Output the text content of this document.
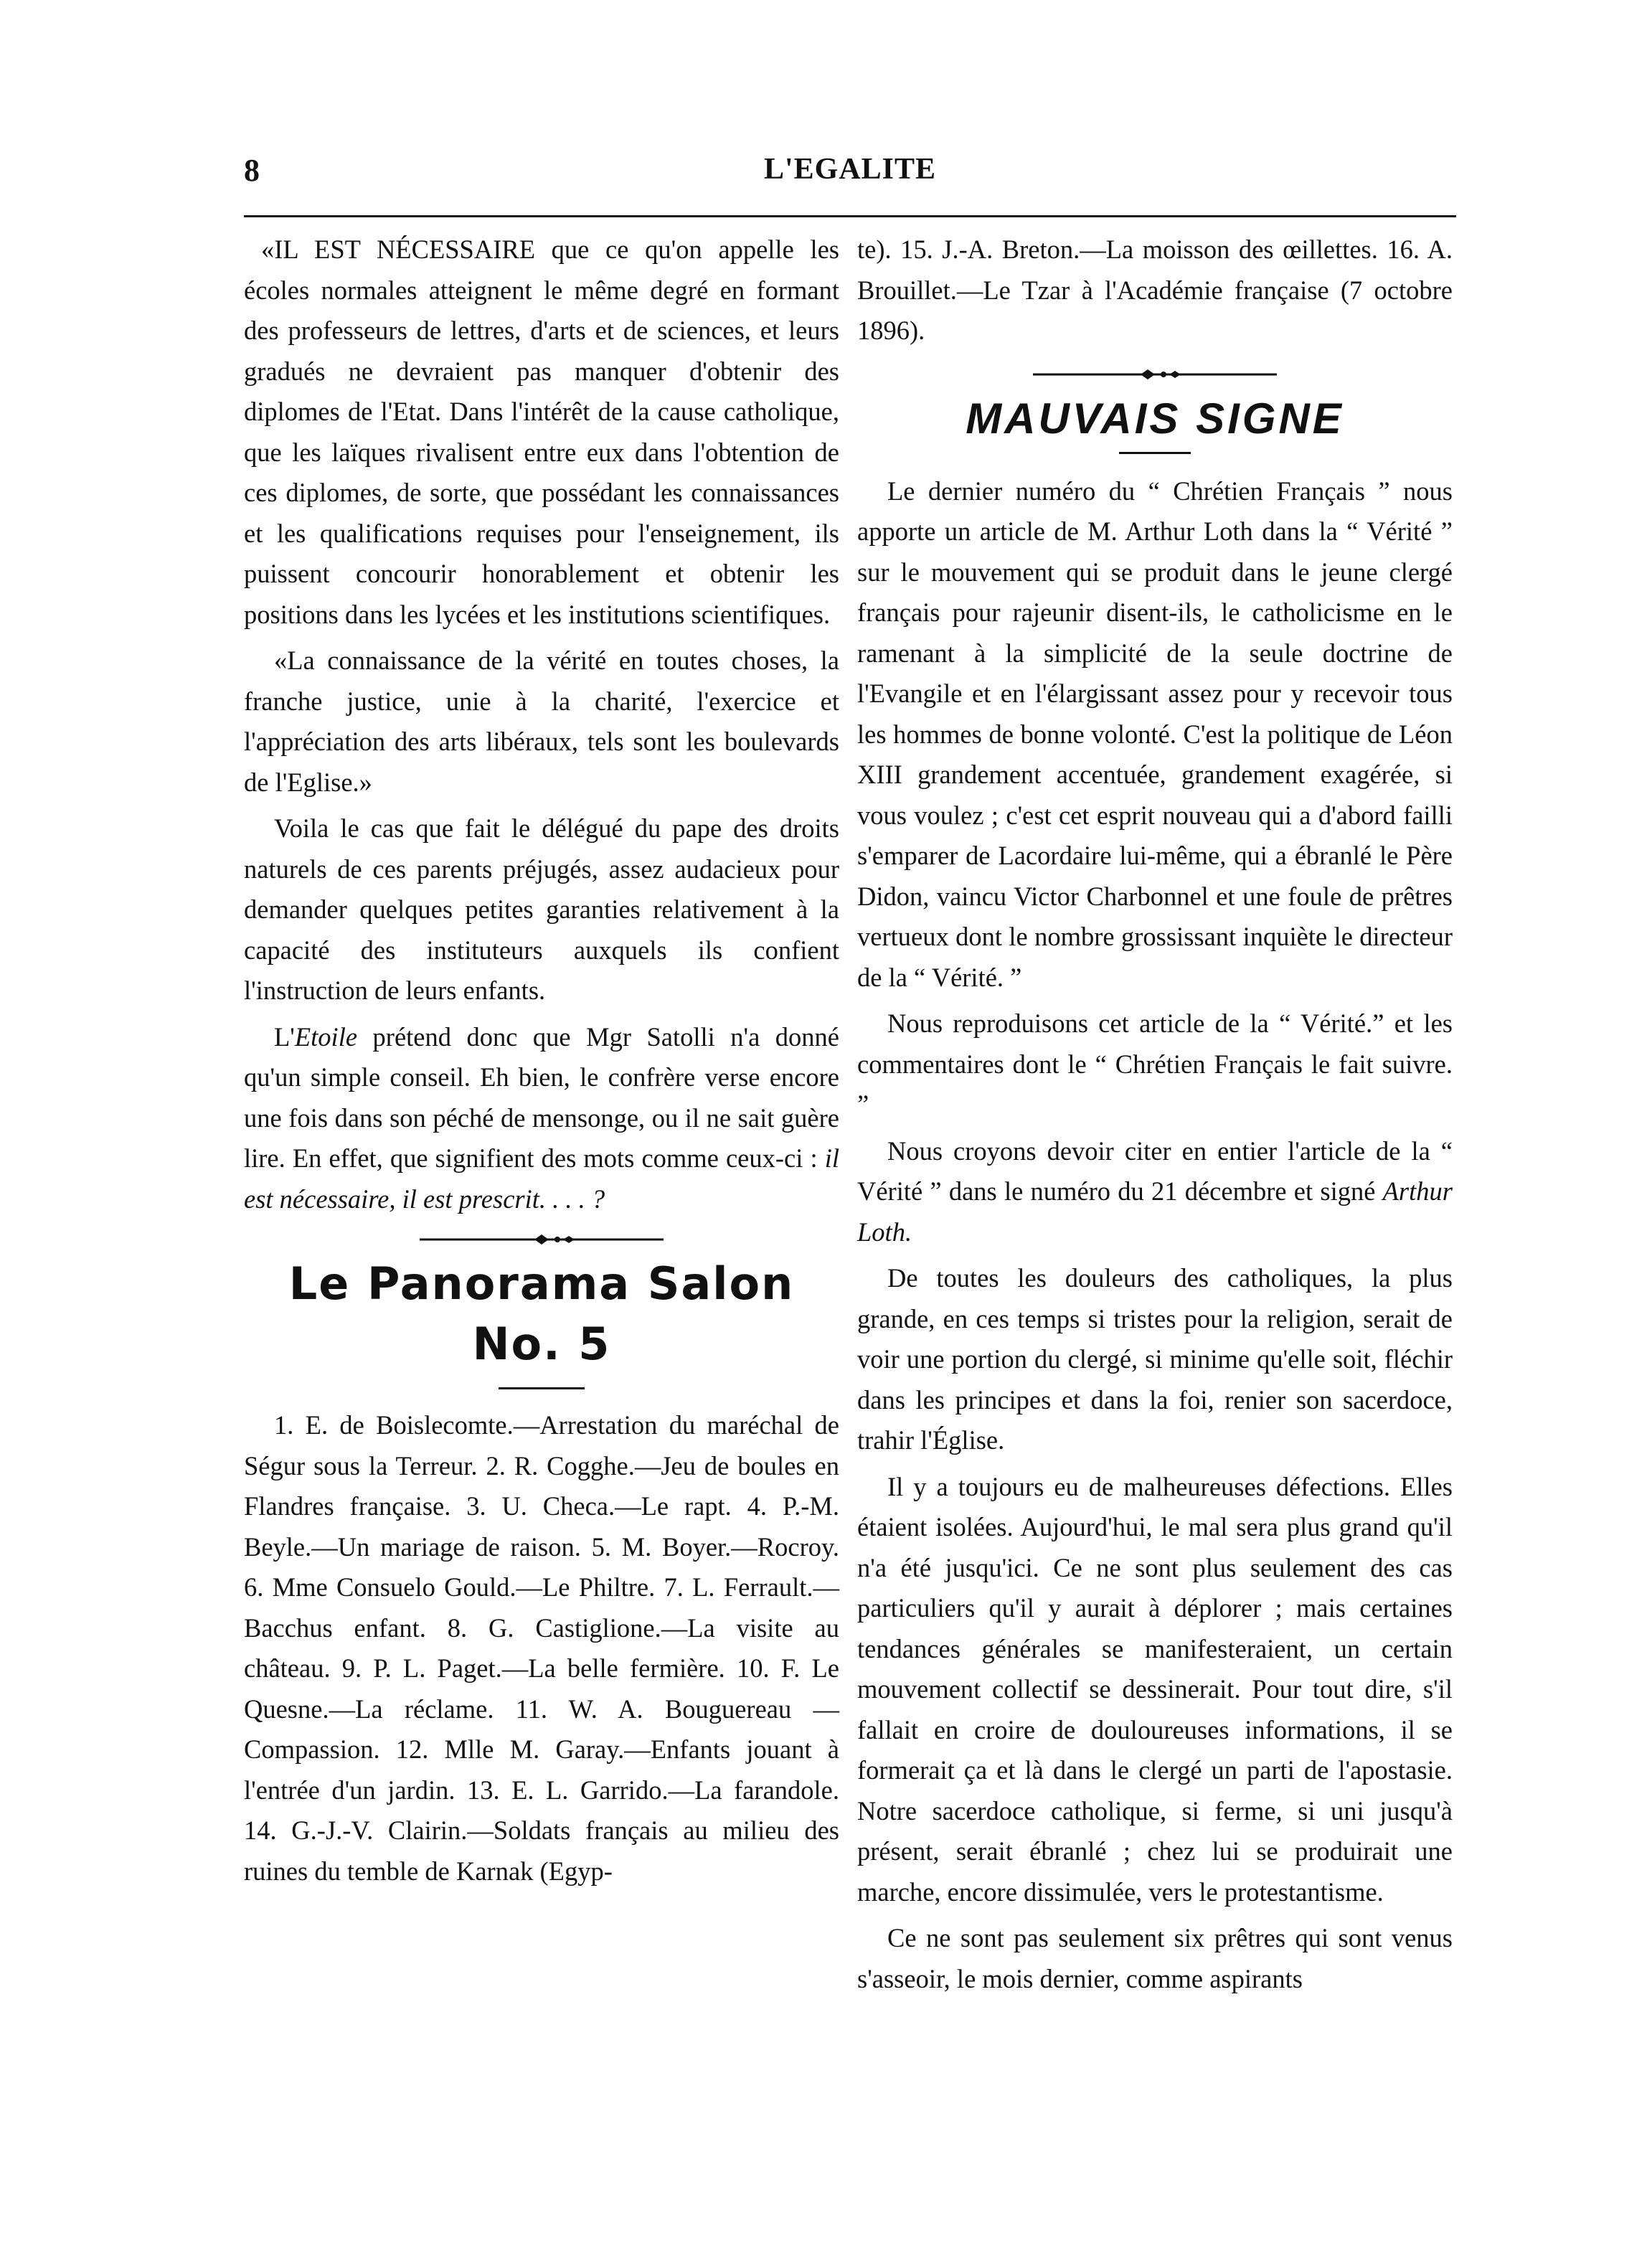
8	L'EGALITE

«IL EST NÉCESSAIRE que ce qu'on appelle les écoles normales atteignent le même degré en formant des professeurs de lettres, d'arts et de sciences, et leurs gradués ne devraient pas manquer d'obtenir des diplomes de l'Etat. Dans l'intérêt de la cause catholique, que les laïques rivalisent entre eux dans l'obtention de ces diplomes, de sorte, que possédant les connaissances et les qualifications requises pour l'enseignement, ils puissent concourir honorablement et obtenir les positions dans les lycées et les institutions scientifiques.

«La connaissance de la vérité en toutes choses, la franche justice, unie à la charité, l'exercice et l'appréciation des arts libéraux, tels sont les boulevards de l'Eglise.»

Voila le cas que fait le délégué du pape des droits naturels de ces parents préjugés, assez audacieux pour demander quelques petites garanties relativement à la capacité des instituteurs auxquels ils confient l'instruction de leurs enfants.

L'Etoile prétend donc que Mgr Satolli n'a donné qu'un simple conseil. Eh bien, le confrère verse encore une fois dans son péché de mensonge, ou il ne sait guère lire. En effet, que signifient des mots comme ceux-ci : il est nécessaire, il est prescrit. . . . ?

Le Panorama Salon
No. 5

1. E. de Boislecomte.—Arrestation du maréchal de Ségur sous la Terreur. 2. R. Cogghe.—Jeu de boules en Flandres française. 3. U. Checa.—Le rapt. 4. P.-M. Beyle.—Un mariage de raison. 5. M. Boyer.—Rocroy. 6. Mme Consuelo Gould.—Le Philtre. 7. L. Ferrault.—Bacchus enfant. 8. G. Castiglione.—La visite au château. 9. P. L. Paget.—La belle fermière. 10. F. Le Quesne.—La réclame. 11. W. A. Bouguereau —Compassion. 12. Mlle M. Garay.—Enfants jouant à l'entrée d'un jardin. 13. E. L. Garrido.—La farandole. 14. G.-J.-V. Clairin.—Soldats français au milieu des ruines du temble de Karnak (Egyp-

te). 15. J.-A. Breton.—La moisson des œillettes. 16. A. Brouillet.—Le Tzar à l'Académie française (7 octobre 1896).

MAUVAIS SIGNE

Le dernier numéro du “ Chrétien Français ” nous apporte un article de M. Arthur Loth dans la “ Vérité ” sur le mouvement qui se produit dans le jeune clergé français pour rajeunir disent-ils, le catholicisme en le ramenant à la simplicité de la seule doctrine de l'Evangile et en l'élargissant assez pour y recevoir tous les hommes de bonne volonté. C'est la politique de Léon XIII grandement accentuée, grandement exagérée, si vous voulez ; c'est cet esprit nouveau qui a d'abord failli s'emparer de Lacordaire lui-même, qui a ébranlé le Père Didon, vaincu Victor Charbonnel et une foule de prêtres vertueux dont le nombre grossissant inquiète le directeur de la “ Vérité. ”

Nous reproduisons cet article de la “ Vérité.” et les commentaires dont le “ Chrétien Français le fait suivre. ”

Nous croyons devoir citer en entier l'article de la “ Vérité ” dans le numéro du 21 décembre et signé Arthur Loth.

De toutes les douleurs des catholiques, la plus grande, en ces temps si tristes pour la religion, serait de voir une portion du clergé, si minime qu'elle soit, fléchir dans les principes et dans la foi, renier son sacerdoce, trahir l'Église.

Il y a toujours eu de malheureuses défections. Elles étaient isolées. Aujourd'hui, le mal sera plus grand qu'il n'a été jusqu'ici. Ce ne sont plus seulement des cas particuliers qu'il y aurait à déplorer ; mais certaines tendances générales se manifesteraient, un certain mouvement collectif se dessinerait. Pour tout dire, s'il fallait en croire de douloureuses informations, il se formerait ça et là dans le clergé un parti de l'apostasie. Notre sacerdoce catholique, si ferme, si uni jusqu'à présent, serait ébranlé ; chez lui se produirait une marche, encore dissimulée, vers le protestantisme.

Ce ne sont pas seulement six prêtres qui sont venus s'asseoir, le mois dernier, comme aspirants
